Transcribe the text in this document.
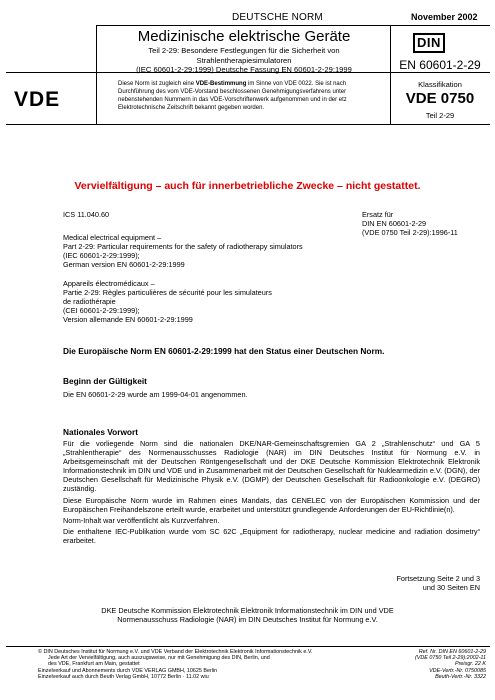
DEUTSCHE NORM	November 2002
Medizinische elektrische Geräte
Teil 2-29: Besondere Festlegungen für die Sicherheit von
Strahlentherapiesimulatoren
(IEC 60601-2-29:1999) Deutsche Fassung EN 60601-2-29:1999
DIN
EN 60601-2-29
VDE
Diese Norm ist zugleich eine VDE-Bestimmung im Sinne von VDE 0022. Sie ist nach
Durchführung des vom VDE-Vorstand beschlossenen Genehmigungsverfahrens unter
nebenstehenden Nummern in das VDE-Vorschriftenwerk aufgenommen und in der etz
Elektrotechnische Zeitschrift bekannt gegeben worden.
Klassifikation
VDE 0750
Teil 2-29
Vervielfältigung – auch für innerbetriebliche Zwecke – nicht gestattet.
ICS 11.040.60	Ersatz für
DIN EN 60601-2-29
(VDE 0750 Teil 2-29):1996-11
Medical electrical equipment –
Part 2-29: Particular requirements for the safety of radiotherapy simulators
(IEC 60601-2-29:1999);
German version EN 60601-2-29:1999
Appareils électromédicaux –
Partie 2-29: Règles particulières de sécurité pour les simulateurs
de radiothérapie
(CEI 60601-2-29:1999);
Version allemande EN 60601-2-29:1999
Die Europäische Norm EN 60601-2-29:1999 hat den Status einer Deutschen Norm.
Beginn der Gültigkeit
Die EN 60601-2-29 wurde am 1999-04-01 angenommen.
Nationales Vorwort

Für die vorliegende Norm sind die nationalen DKE/NAR-Gemeinschaftsgremien GA 2 „Strahlenschutz“ und GA 5 „Strahlentherapie“ des Normenausschusses Radiologie (NAR) im DIN Deutsches Institut für Normung e.V. in Arbeitsgemeinschaft mit der Deutschen Röntgengesellschaft und der DKE Deutsche Kommission Elektrotechnik Elektronik Informationstechnik im DIN und VDE und in Zusammenarbeit mit der Deutschen Gesellschaft für Nuklearmedizin e.V. (DGN), der Deutschen Gesellschaft für Medizinische Physik e.V. (DGMP) der Deutschen Gesellschaft für Radioonkologie e.V. (DEGRO) zuständig.

Diese Europäische Norm wurde im Rahmen eines Mandats, das CENELEC von der Europäischen Kommission und der Europäischen Freihandelszone erteilt wurde, erarbeitet und unterstützt grundlegende Anforderungen der EU-Richtlinie(n).

Norm-Inhalt war veröffentlicht als Kurzverfahren.

Die enthaltene IEC-Publikation wurde vom SC 62C „Equipment for radiotherapy, nuclear medicine and radiation dosimetry“ erarbeitet.

Fortsetzung Seite 2 und 3
und 30 Seiten EN
DKE Deutsche Kommission Elektrotechnik Elektronik Informationstechnik im DIN und VDE
Normenausschuss Radiologie (NAR) im DIN Deutsches Institut für Normung e.V.
© DIN Deutsches Institut für Normung e.V. und VDE Verband der Elektrotechnik Elektronik Informationstechnik e.V.
Jede Art der Vervielfältigung, auch auszugsweise, nur mit Genehmigung des DIN, Berlin, und
des VDE, Frankfurt am Main, gestattet
Einzelverkauf und Abonnements durch VDE VERLAG GMBH, 10625 Berlin
Einzelverkauf auch durch Beuth Verlag GmbH, 10772 Berlin · 11.02 wiu
Ref. Nr. DIN EN 60601-2-29
(VDE 0750 Teil 2-29):2002-11
Preisgr. 22 K
VDE-Vertr.-Nr. 0750085
Beuth-Vertr.-Nr. 3322
